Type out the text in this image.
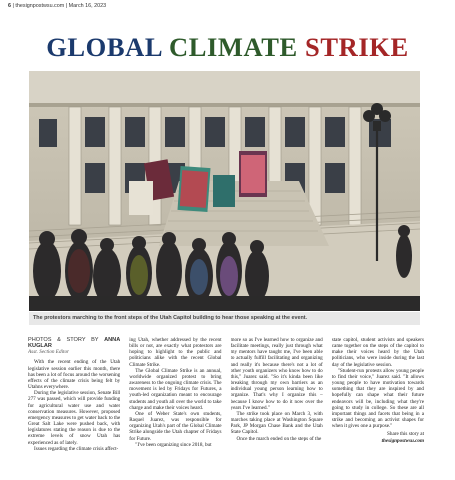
6 | thesignpostwsu.com | March 16, 2023
GLOBAL CLIMATE STRIKE
The protestors marching to the front steps of the Utah Capitol building to hear those speaking at the event.

PHOTOS & STORY BY ANNA KUGLAR

Asst. Section Editor

With the recent ending of the Utah legislative session earlier this month, there has been a lot of focus around the worsening effects of the climate crisis being felt by Utahns everywhere.

During the legislative session, Senate Bill 277 was passed, which will provide funding for agricultural water use and water conservation measures. However, proposed emergency measures to get water back to the Great Salt Lake were pushed back, with legislatures stating the reason is due to the extreme levels of snow Utah has experienced as of lately.

Issues regarding the climate crisis affect-

ing Utah, whether addressed by the recent bills or not, are exactly what protestors are hoping to highlight to the public and politicians alike with the recent Global Climate Strike.

The Global Climate Strike is an annual, worldwide organized protest to bring awareness to the ongoing climate crisis. The movement is led by Fridays for Futures, a youth-led organization meant to encourage students and youth all over the world to take charge and make their voices heard.

One of Weber State's own students, Raquel Juarez, was responsible for organizing Utah's part of the Global Climate Strike alongside the Utah chapter of Fridays for Future.

"I've been organizing since 2018, but

more so as I've learned how to organize and facilitate meetings, really just through what my mentors have taught me, I've been able to actually fulfill facilitating and organizing and really it's because there's not a lot of other youth organizers who know how to do this," Juarez said. "So it's kinda been like breaking through my own barriers as an individual young person learning how to organize. That's why I organize this – because I know how to do it now over the years I've learned."

The strike took place on March 3, with marches taking place at Washington Square Park, JP Morgan Chase Bank and the Utah State Capitol.

Once the march ended on the steps of the

state capitol, student activists and speakers came together on the steps of the capitol to make their voices heard by the Utah politicians, who were inside during the last day of the legislative session.

"Student-run protests allow young people to find their voice," Juarez said. "It allows young people to have motivation towards something that they are inspired by and hopefully can shape what their future endeavors will be, including what they're going to study in college. So these are all important things and facets that being in a strike and becoming an activist shapes for when it gives one a purpose."

Share this story at

thesignpostwsu.com
